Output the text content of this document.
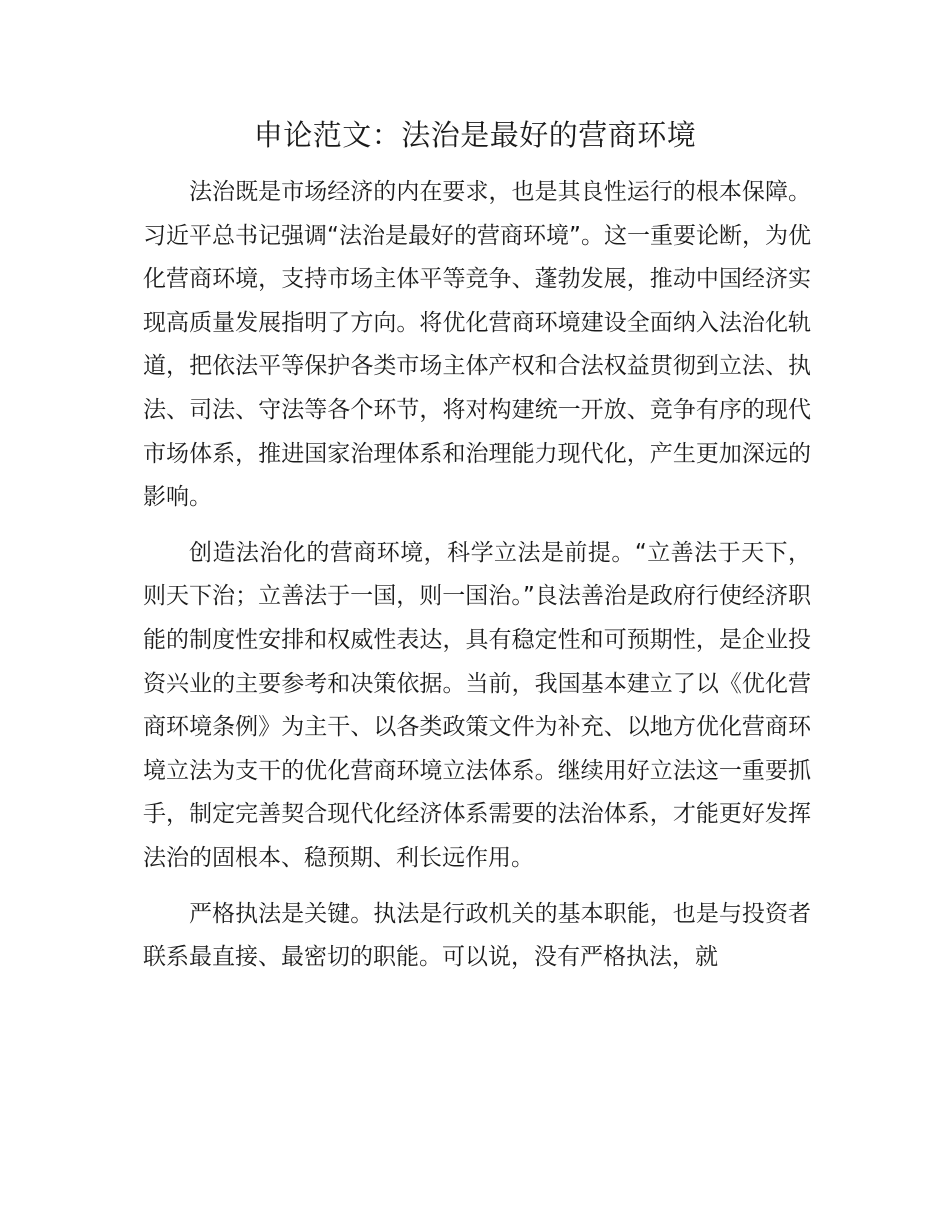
申论范文：法治是最好的营商环境

法治既是市场经济的内在要求，也是其良性运行的根本保障。习近平总书记强调“法治是最好的营商环境”。这一重要论断，为优化营商环境，支持市场主体平等竞争、蓬勃发展，推动中国经济实现高质量发展指明了方向。将优化营商环境建设全面纳入法治化轨道，把依法平等保护各类市场主体产权和合法权益贯彻到立法、执法、司法、守法等各个环节，将对构建统一开放、竞争有序的现代市场体系，推进国家治理体系和治理能力现代化，产生更加深远的影响。

创造法治化的营商环境，科学立法是前提。“立善法于天下，则天下治；立善法于一国，则一国治。”良法善治是政府行使经济职能的制度性安排和权威性表达，具有稳定性和可预期性，是企业投资兴业的主要参考和决策依据。当前，我国基本建立了以《优化营商环境条例》为主干、以各类政策文件为补充、以地方优化营商环境立法为支干的优化营商环境立法体系。继续用好立法这一重要抓手，制定完善契合现代化经济体系需要的法治体系，才能更好发挥法治的固根本、稳预期、利长远作用。

严格执法是关键。执法是行政机关的基本职能，也是与投资者联系最直接、最密切的职能。可以说，没有严格执法，就
